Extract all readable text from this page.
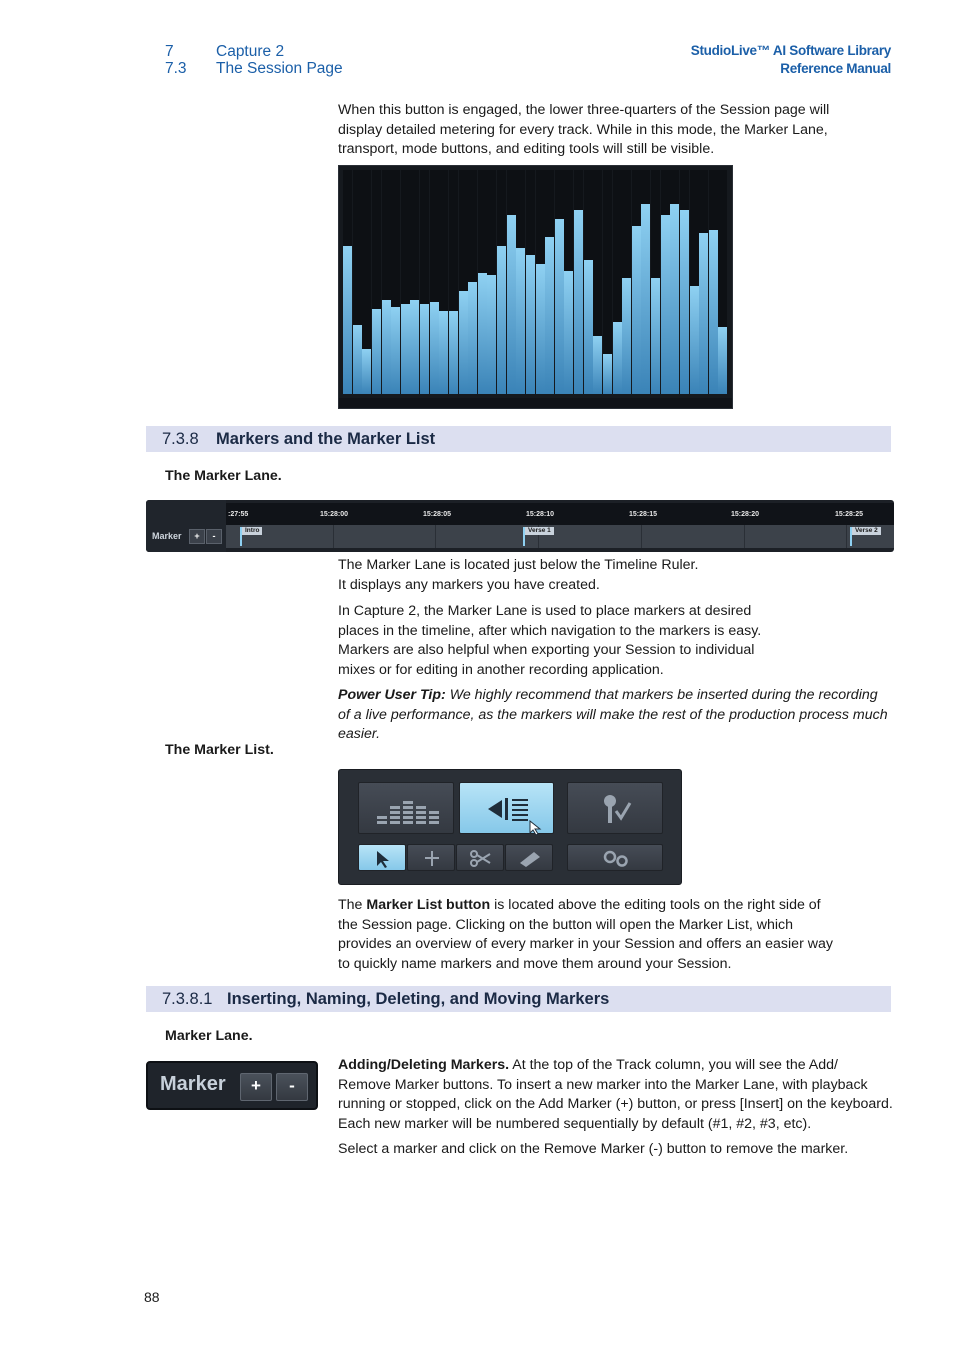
7	Capture 2
7.3 The Session Page
StudioLive™ AI Software Library
Reference Manual
When this button is engaged, the lower three-quarters of the Session page will display detailed metering for every track. While in this mode, the Marker Lane, transport, mode buttons, and editing tools will still be visible.
7.3.8 Markers and the Marker List
The Marker Lane.
Marker	+	-
:27:55	15:28:00	15:28:05	15:28:10	15:28:15	15:28:20	15:28:25
Intro	Verse 1	Verse 2
The Marker Lane is located just below the Timeline Ruler.
It displays any markers you have created.
In Capture 2, the Marker Lane is used to place markers at desired places in the timeline, after which navigation to the markers is easy. Markers are also helpful when exporting your Session to individual mixes or for editing in another recording application.
Power User Tip: We highly recommend that markers be inserted during the recording of a live performance, as the markers will make the rest of the production process much easier.
The Marker List.
The Marker List button is located above the editing tools on the right side of the Session page. Clicking on the button will open the Marker List, which provides an overview of every marker in your Session and offers an easier way to quickly name markers and move them around your Session.
7.3.8.1 Inserting, Naming, Deleting, and Moving Markers
Marker Lane.
Marker	+	-
Adding/Deleting Markers. At the top of the Track column, you will see the Add/ Remove Marker buttons. To insert a new marker into the Marker Lane, with playback running or stopped, click on the Add Marker (+) button, or press [Insert] on the keyboard. Each new marker will be numbered sequentially by default (#1, #2, #3, etc).
Select a marker and click on the Remove Marker (-) button to remove the marker.
88
